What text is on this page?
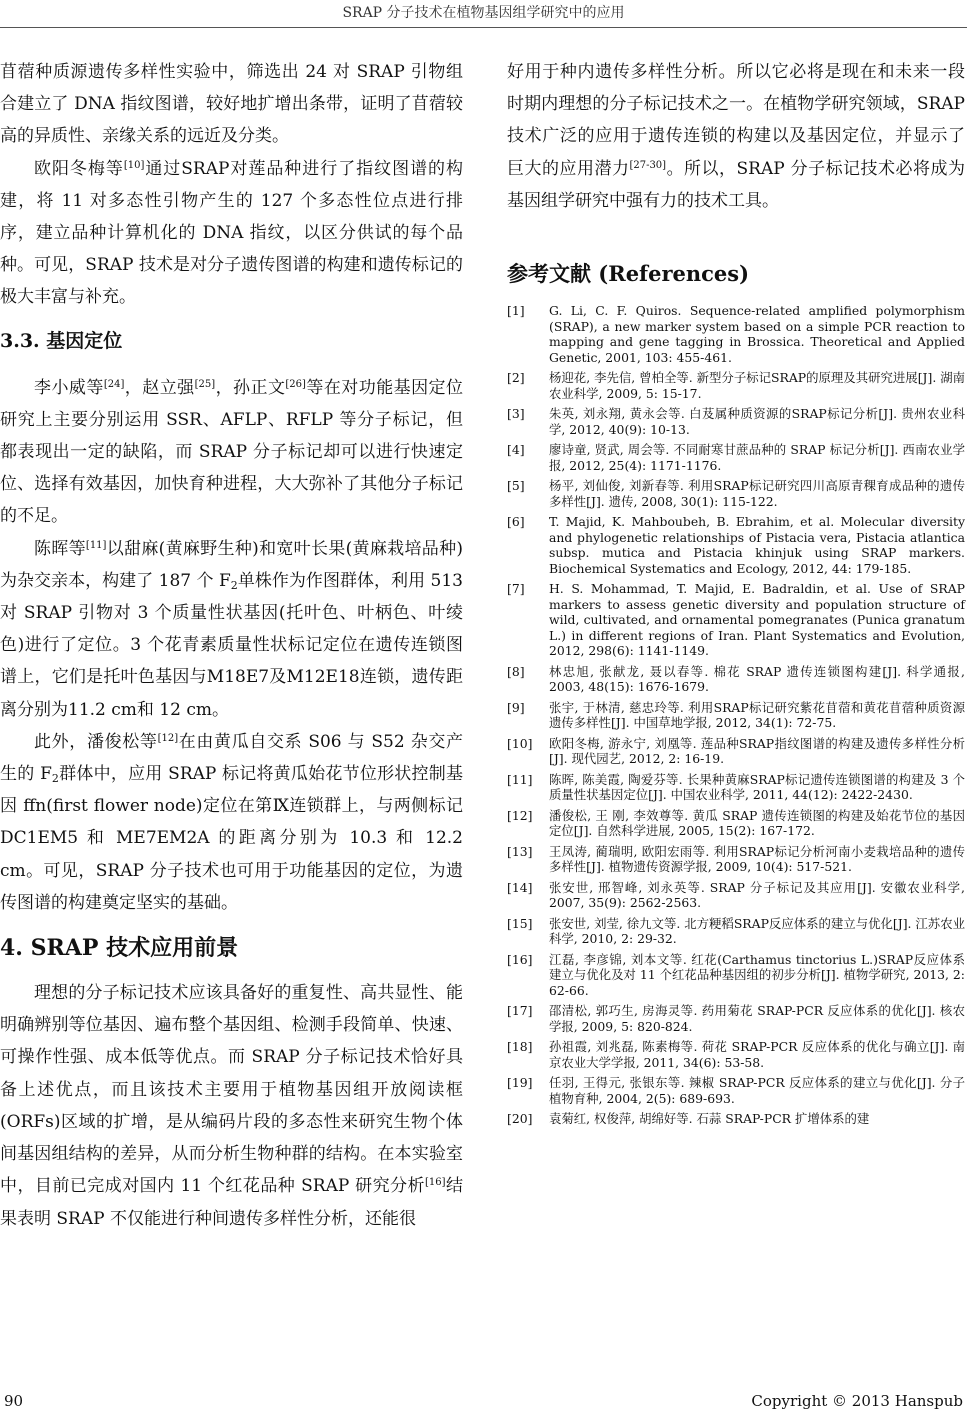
SRAP 分子技术在植物基因组学研究中的应用

苜蓿种质源遗传多样性实验中，筛选出 24 对 SRAP 引物组合建立了 DNA 指纹图谱，较好地扩增出条带，证明了苜蓿较高的异质性、亲缘关系的远近及分类。

欧阳冬梅等[10]通过SRAP对莲品种进行了指纹图谱的构建，将 11 对多态性引物产生的 127 个多态性位点进行排序，建立品种计算机化的 DNA 指纹，以区分供试的每个品种。可见，SRAP 技术是对分子遗传图谱的构建和遗传标记的极大丰富与补充。

3.3. 基因定位

李小威等[24]，赵立强[25]，孙正文[26]等在对功能基因定位研究上主要分别运用 SSR、AFLP、RFLP 等分子标记，但都表现出一定的缺陷，而 SRAP 分子标记却可以进行快速定位、选择有效基因，加快育种进程，大大弥补了其他分子标记的不足。

陈晖等[11]以甜麻(黄麻野生种)和宽叶长果(黄麻栽培品种)为杂交亲本，构建了 187 个 $F_2$单株作为作图群体，利用 513 对 SRAP 引物对 3 个质量性状基因(托叶色、叶柄色、叶绫色)进行了定位。3 个花青素质量性状标记定位在遗传连锁图谱上，它们是托叶色基因与M18E7及M12E18连锁，遗传距离分别为11.2 cm和 12 cm。

此外，潘俊松等[12]在由黄瓜自交系 S06 与 S52 杂交产生的 $F_2$群体中，应用 SRAP 标记将黄瓜始花节位形状控制基因 ffn(first flower node)定位在第Ⅸ连锁群上，与两侧标记 DC1EM5 和 ME7EM2A 的距离分别为 10.3 和 12.2 cm。可见，SRAP 分子技术也可用于功能基因的定位，为遗传图谱的构建奠定坚实的基础。

4. SRAP 技术应用前景

理想的分子标记技术应该具备好的重复性、高共显性、能明确辨别等位基因、遍布整个基因组、检测手段简单、快速、可操作性强、成本低等优点。而 SRAP 分子标记技术恰好具备上述优点，而且该技术主要用于植物基因组开放阅读框(ORFs)区域的扩增，是从编码片段的多态性来研究生物个体间基因组结构的差异，从而分析生物种群的结构。在本实验室中，目前已完成对国内 11 个红花品种 SRAP 研究分析[16]结果表明 SRAP 不仅能进行种间遗传多样性分析，还能很

好用于种内遗传多样性分析。所以它必将是现在和未来一段时期内理想的分子标记技术之一。在植物学研究领域，SRAP 技术广泛的应用于遗传连锁的构建以及基因定位，并显示了巨大的应用潜力[27-30]。所以，SRAP 分子标记技术必将成为基因组学研究中强有力的技术工具。

参考文献 (References)
[1]	G. Li, C. F. Quiros. Sequence-related amplified polymorphism (SRAP), a new marker system based on a simple PCR reaction to mapping and gene tagging in Brossica. Theoretical and Applied Genetic, 2001, 103: 455-461.
[2]	杨迎花, 李先信, 曾柏全等. 新型分子标记SRAP的原理及其研究进展[J]. 湖南农业科学, 2009, 5: 15-17.
[3]	朱英, 刘永翔, 黄永会等. 白芨属种质资源的SRAP标记分析[J]. 贵州农业科学, 2012, 40(9): 10-13.
[4]	廖诗童, 贤武, 周会等. 不同耐寒甘蔗品种的 SRAP 标记分析[J]. 西南农业学报, 2012, 25(4): 1171-1176.
[5]	杨平, 刘仙俊, 刘新春等. 利用SRAP标记研究四川高原青稞育成品种的遗传多样性[J]. 遗传, 2008, 30(1): 115-122.
[6]	T. Majid, K. Mahboubeh, B. Ebrahim, et al. Molecular diversity and phylogenetic relationships of Pistacia vera, Pistacia atlantica subsp. mutica and Pistacia khinjuk using SRAP markers. Biochemical Systematics and Ecology, 2012, 44: 179-185.
[7]	H. S. Mohammad, T. Majid, E. Badraldin, et al. Use of SRAP markers to assess genetic diversity and population structure of wild, cultivated, and ornamental pomegranates (Punica granatum L.) in different regions of Iran. Plant Systematics and Evolution, 2012, 298(6): 1141-1149.
[8]	林忠旭, 张献龙, 聂以春等. 棉花 SRAP 遗传连锁图构建[J]. 科学通报, 2003, 48(15): 1676-1679.
[9]	张宇, 于林清, 慈忠玲等. 利用SRAP标记研究紫花苜蓿和黄花苜蓿种质资源遗传多样性[J]. 中国草地学报, 2012, 34(1): 72-75.
[10]	欧阳冬梅, 游永宁, 刘凰等. 莲品种SRAP指纹图谱的构建及遗传多样性分析[J]. 现代园艺, 2012, 2: 16-19.
[11]	陈晖, 陈美霞, 陶爱芬等. 长果种黄麻SRAP标记遗传连锁图谱的构建及 3 个质量性状基因定位[J]. 中国农业科学, 2011, 44(12): 2422-2430.
[12]	潘俊松, 王 刚, 李效尊等. 黄瓜 SRAP 遗传连锁图的构建及始花节位的基因定位[J]. 自然科学进展, 2005, 15(2): 167-172.
[13]	王凤涛, 蔺瑞明, 欧阳宏雨等. 利用SRAP标记分析河南小麦栽培品种的遗传多样性[J]. 植物遗传资源学报, 2009, 10(4): 517-521.
[14]	张安世, 邢智峰, 刘永英等. SRAP 分子标记及其应用[J]. 安徽农业科学, 2007, 35(9): 2562-2563.
[15]	张安世, 刘莹, 徐九文等. 北方粳稻SRAP反应体系的建立与优化[J]. 江苏农业科学, 2010, 2: 29-32.
[16]	江磊, 李彦锦, 刘本文等. 红花(Carthamus tinctorius L.)SRAP反应体系建立与优化及对 11 个红花品种基因组的初步分析[J]. 植物学研究, 2013, 2: 62-66.
[17]	邵清松, 郭巧生, 房海灵等. 药用菊花 SRAP-PCR 反应体系的优化[J]. 核农学报, 2009, 5: 820-824.
[18]	孙祖霞, 刘兆磊, 陈素梅等. 荷花 SRAP-PCR 反应体系的优化与确立[J]. 南京农业大学学报, 2011, 34(6): 53-58.
[19]	任羽, 王得元, 张银东等. 辣椒 SRAP-PCR 反应体系的建立与优化[J]. 分子植物育种, 2004, 2(5): 689-693.
[20]	袁菊红, 权俊萍, 胡绵好等. 石蒜 SRAP-PCR 扩增体系的建
90	Copyright © 2013 Hanspub
